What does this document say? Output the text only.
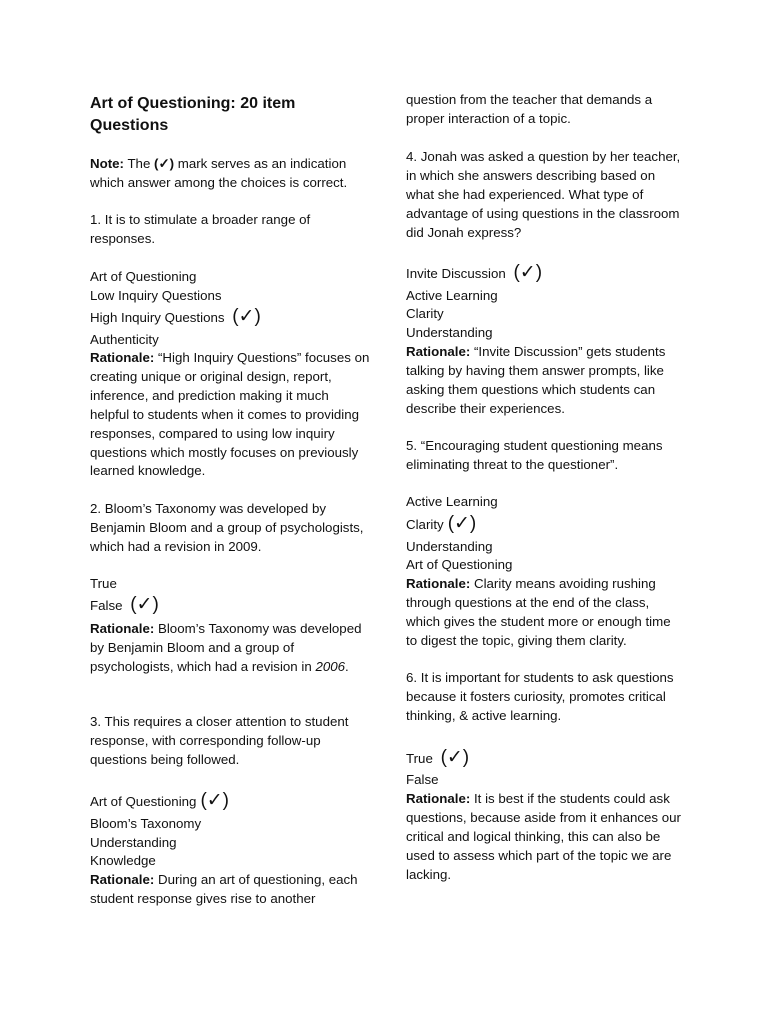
Art of Questioning: 20 item Questions

Note: The (✓) mark serves as an indication which answer among the choices is correct.

1. It is to stimulate a broader range of responses.

Art of Questioning
Low Inquiry Questions
High Inquiry Questions (✓)
Authenticity

Rationale: “High Inquiry Questions” focuses on creating unique or original design, report, inference, and prediction making it much helpful to students when it comes to providing responses, compared to using low inquiry questions which mostly focuses on previously learned knowledge.

2. Bloom’s Taxonomy was developed by Benjamin Bloom and a group of psychologists, which had a revision in 2009.

True
False (✓)

Rationale: Bloom’s Taxonomy was developed by Benjamin Bloom and a group of psychologists, which had a revision in 2006.

3. This requires a closer attention to student response, with corresponding follow-up questions being followed.

Art of Questioning (✓)
Bloom’s Taxonomy
Understanding
Knowledge

Rationale: During an art of questioning, each student response gives rise to another

question from the teacher that demands a proper interaction of a topic.

4. Jonah was asked a question by her teacher, in which she answers describing based on what she had experienced. What type of advantage of using questions in the classroom did Jonah express?

Invite Discussion (✓)
Active Learning
Clarity
Understanding

Rationale: “Invite Discussion” gets students talking by having them answer prompts, like asking them questions which students can describe their experiences.

5. “Encouraging student questioning means eliminating threat to the questioner”.

Active Learning
Clarity (✓)
Understanding
Art of Questioning

Rationale: Clarity means avoiding rushing through questions at the end of the class, which gives the student more or enough time to digest the topic, giving them clarity.

6. It is important for students to ask questions because it fosters curiosity, promotes critical thinking, & active learning.

True (✓)
False

Rationale: It is best if the students could ask questions, because aside from it enhances our critical and logical thinking, this can also be used to assess which part of the topic we are lacking.
